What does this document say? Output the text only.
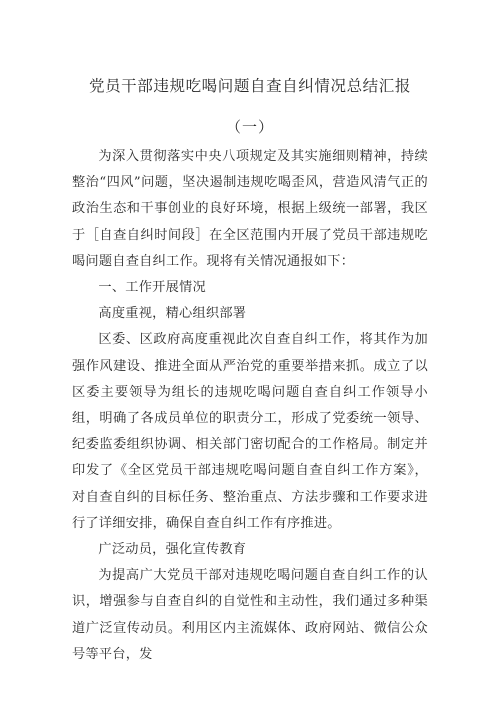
党员干部违规吃喝问题自查自纠情况总结汇报
（一）

为深入贯彻落实中央八项规定及其实施细则精神，持续整治“四风”问题，坚决遏制违规吃喝歪风，营造风清气正的政治生态和干事创业的良好环境，根据上级统一部署，我区于［自查自纠时间段］在全区范围内开展了党员干部违规吃喝问题自查自纠工作。现将有关情况通报如下：

一、工作开展情况

高度重视，精心组织部署

区委、区政府高度重视此次自查自纠工作，将其作为加强作风建设、推进全面从严治党的重要举措来抓。成立了以区委主要领导为组长的违规吃喝问题自查自纠工作领导小组，明确了各成员单位的职责分工，形成了党委统一领导、纪委监委组织协调、相关部门密切配合的工作格局。制定并印发了《全区党员干部违规吃喝问题自查自纠工作方案》，对自查自纠的目标任务、整治重点、方法步骤和工作要求进行了详细安排，确保自查自纠工作有序推进。

广泛动员，强化宣传教育

为提高广大党员干部对违规吃喝问题自查自纠工作的认识，增强参与自查自纠的自觉性和主动性，我们通过多种渠道广泛宣传动员。利用区内主流媒体、政府网站、微信公众号等平台，发
